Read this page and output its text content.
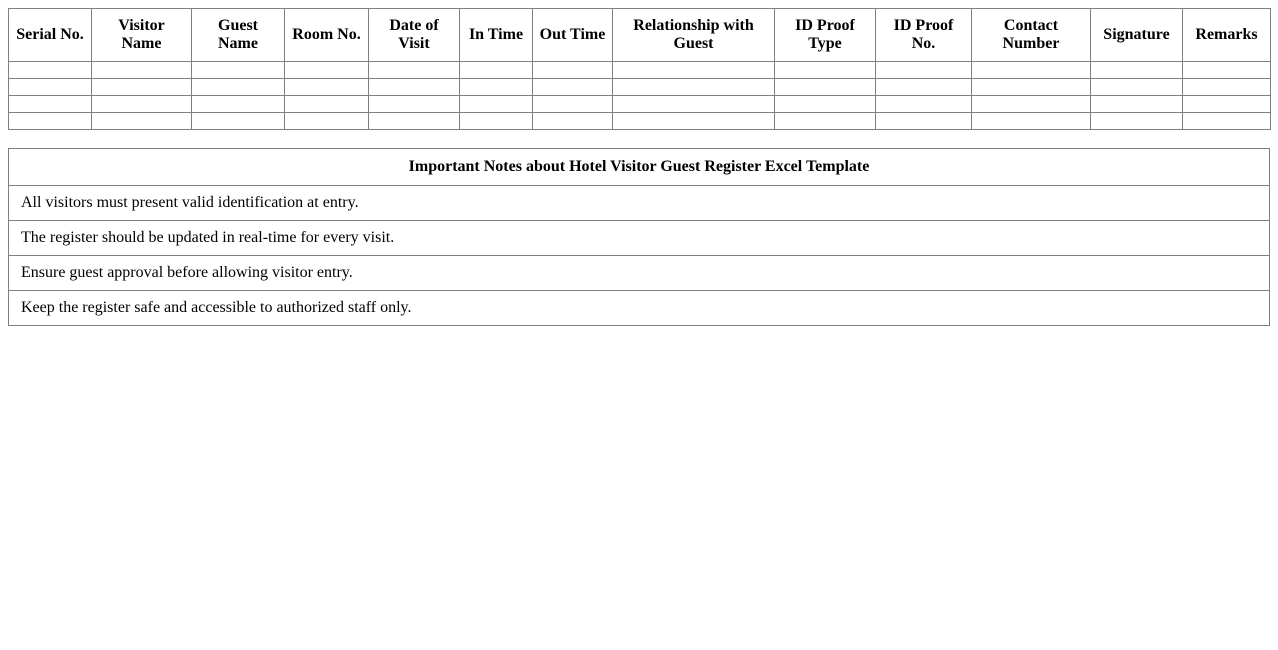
Serial No.	Visitor Name	Guest Name	Room No.	Date of Visit	In Time	Out Time	Relationship with Guest	ID Proof Type	ID Proof No.	Contact Number	Signature	Remarks

Important Notes about Hotel Visitor Guest Register Excel Template
All visitors must present valid identification at entry.
The register should be updated in real-time for every visit.
Ensure guest approval before allowing visitor entry.
Keep the register safe and accessible to authorized staff only.
